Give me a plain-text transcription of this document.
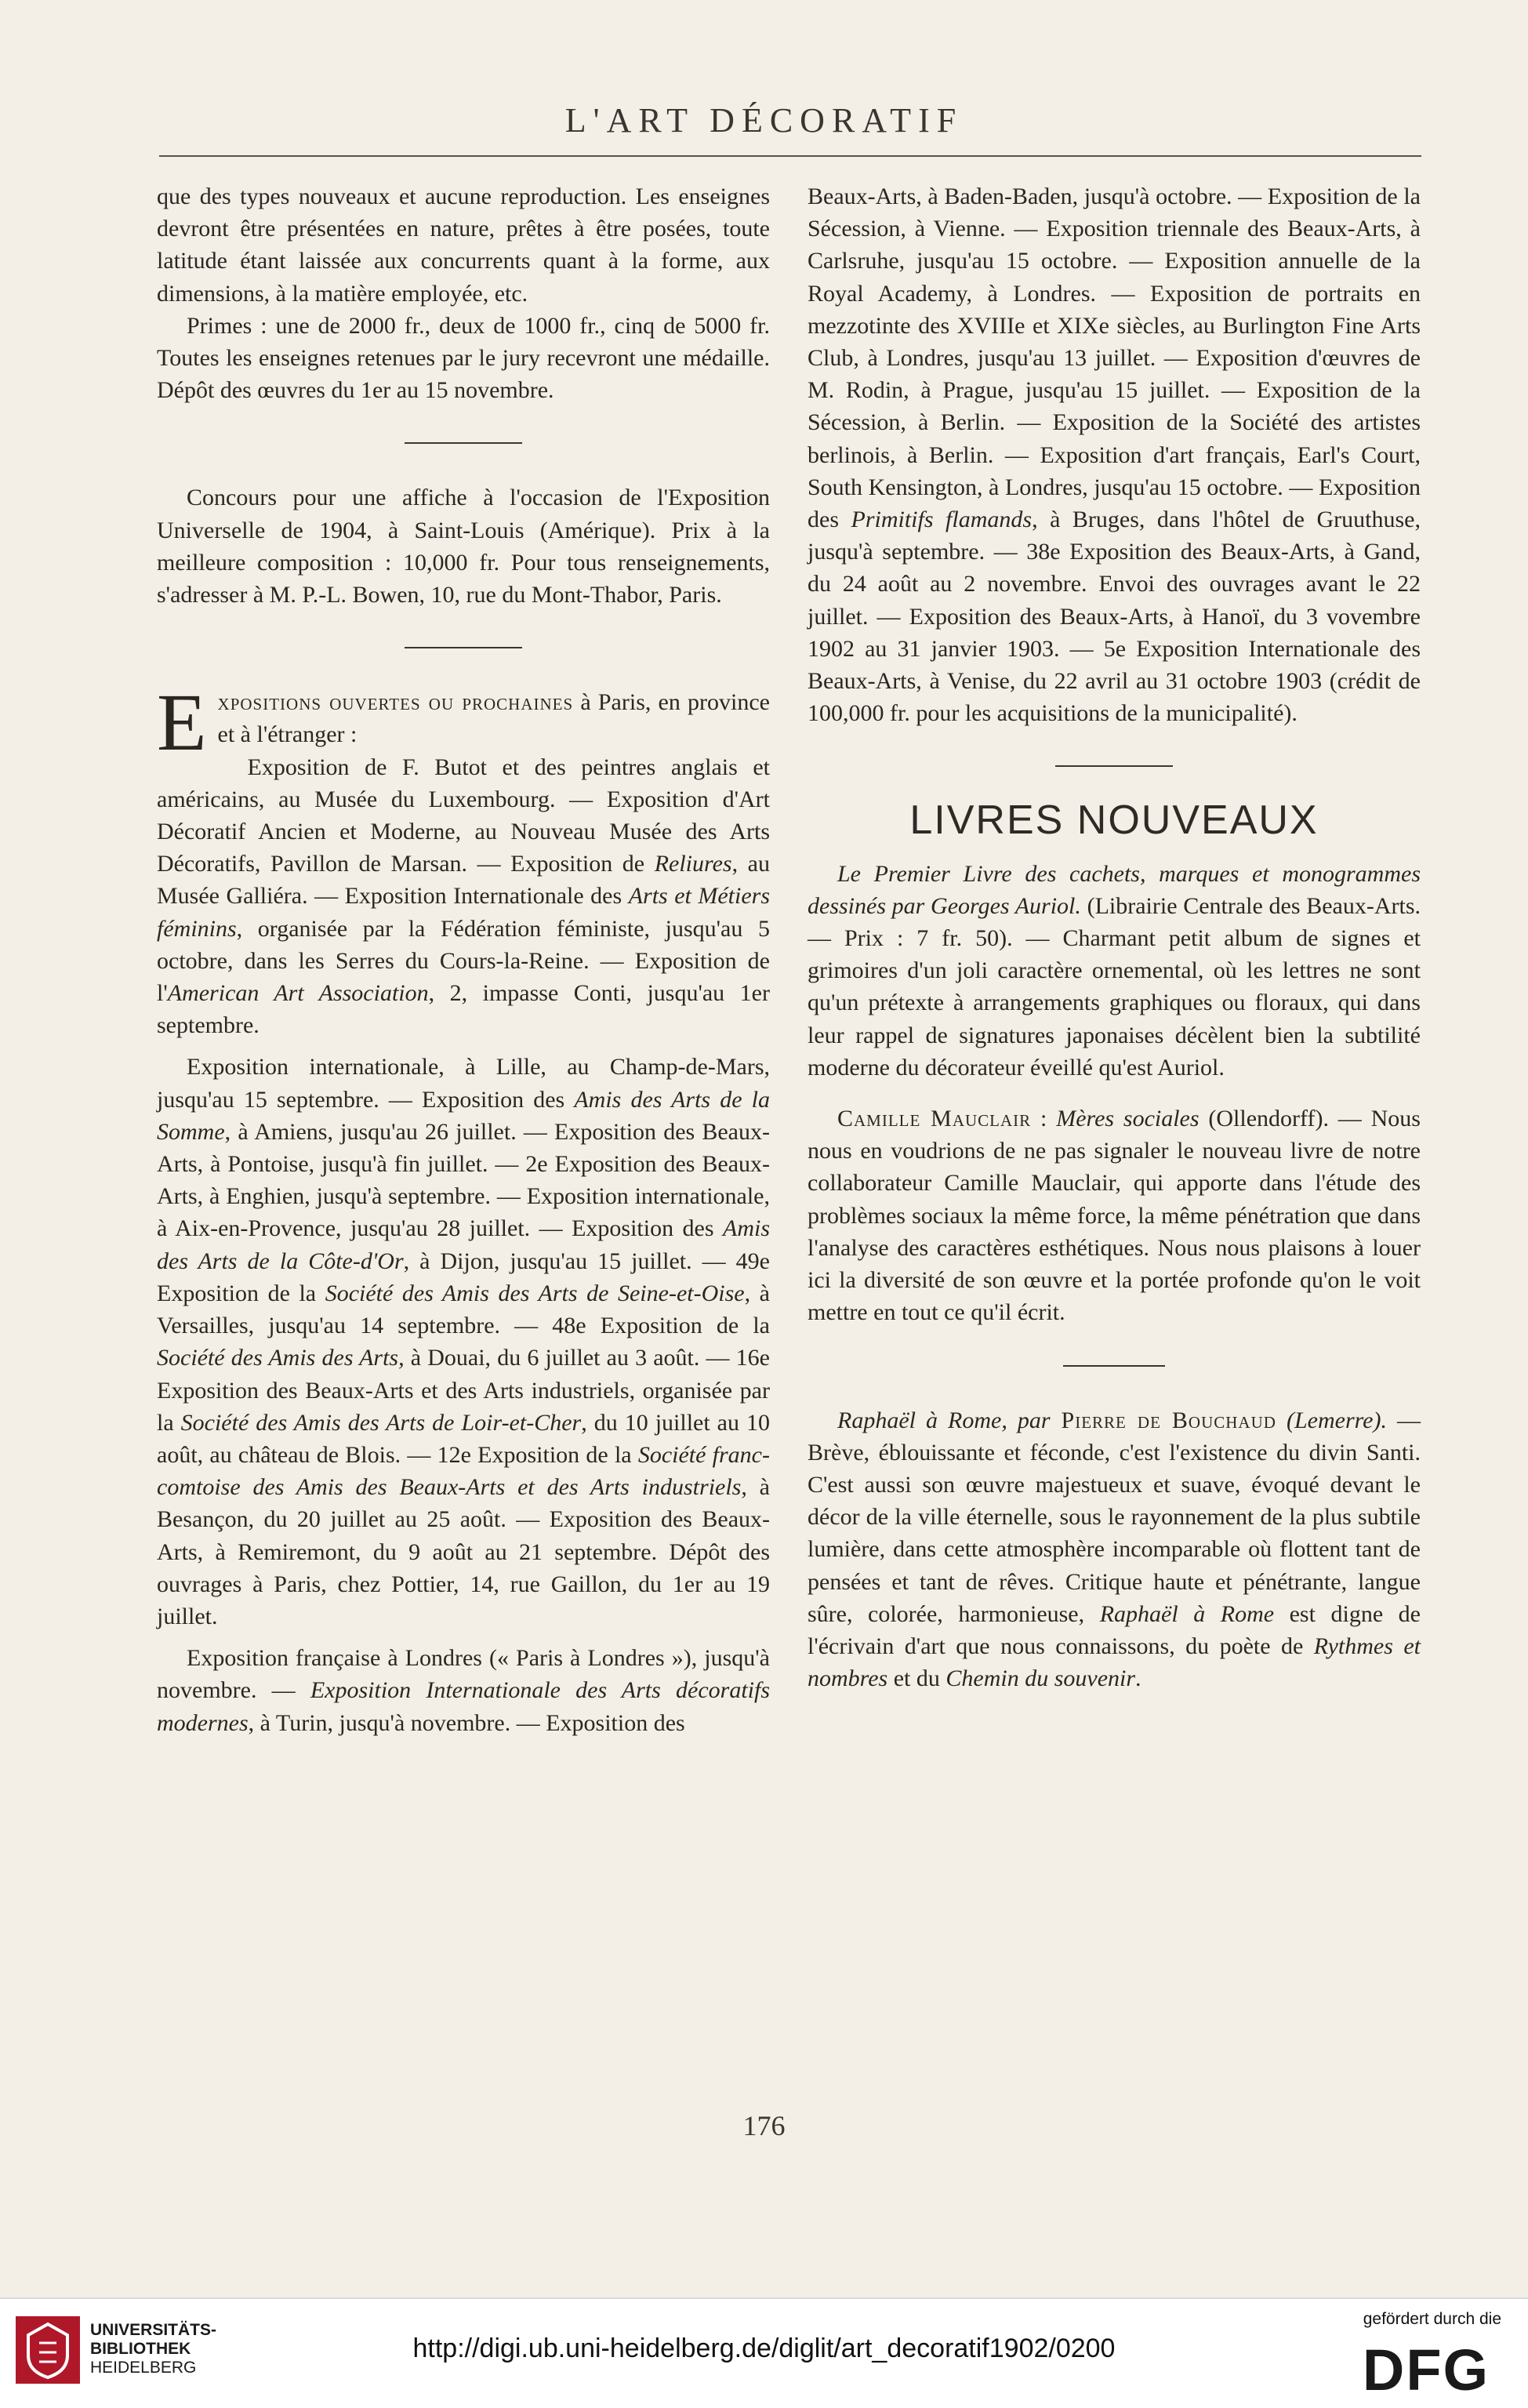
L'ART DÉCORATIF

que des types nouveaux et aucune reproduction. Les enseignes devront être présentées en nature, prêtes à être posées, toute latitude étant laissée aux concurrents quant à la forme, aux dimensions, à la matière employée, etc.

Primes : une de 2000 fr., deux de 1000 fr., cinq de 5000 fr. Toutes les enseignes retenues par le jury recevront une médaille. Dépôt des œuvres du 1er au 15 novembre.

Concours pour une affiche à l'occasion de l'Exposition Universelle de 1904, à Saint-Louis (Amérique). Prix à la meilleure composition : 10,000 fr. Pour tous renseignements, s'adresser à M. P.-L. Bowen, 10, rue du Mont-Thabor, Paris.

Expositions ouvertes ou prochaines à Paris, en province et à l'étranger :

Exposition de F. Butot et des peintres anglais et américains, au Musée du Luxembourg. — Exposition d'Art Décoratif Ancien et Moderne, au Nouveau Musée des Arts Décoratifs, Pavillon de Marsan. — Exposition de Reliures, au Musée Galliéra. — Exposition Internationale des Arts et Métiers féminins, organisée par la Fédération féministe, jusqu'au 5 octobre, dans les Serres du Cours-la-Reine. — Exposition de l'American Art Association, 2, impasse Conti, jusqu'au 1er septembre.

Exposition internationale, à Lille, au Champ-de-Mars, jusqu'au 15 septembre. — Exposition des Amis des Arts de la Somme, à Amiens, jusqu'au 26 juillet. — Exposition des Beaux-Arts, à Pontoise, jusqu'à fin juillet. — 2e Exposition des Beaux-Arts, à Enghien, jusqu'à septembre. — Exposition internationale, à Aix-en-Provence, jusqu'au 28 juillet. — Exposition des Amis des Arts de la Côte-d'Or, à Dijon, jusqu'au 15 juillet. — 49e Exposition de la Société des Amis des Arts de Seine-et-Oise, à Versailles, jusqu'au 14 septembre. — 48e Exposition de la Société des Amis des Arts, à Douai, du 6 juillet au 3 août. — 16e Exposition des Beaux-Arts et des Arts industriels, organisée par la Société des Amis des Arts de Loir-et-Cher, du 10 juillet au 10 août, au château de Blois. — 12e Exposition de la Société franc-comtoise des Amis des Beaux-Arts et des Arts industriels, à Besançon, du 20 juillet au 25 août. — Exposition des Beaux-Arts, à Remiremont, du 9 août au 21 septembre. Dépôt des ouvrages à Paris, chez Pottier, 14, rue Gaillon, du 1er au 19 juillet.

Exposition française à Londres (« Paris à Londres »), jusqu'à novembre. — Exposition Internationale des Arts décoratifs modernes, à Turin, jusqu'à novembre. — Exposition des

Beaux-Arts, à Baden-Baden, jusqu'à octobre. — Exposition de la Sécession, à Vienne. — Exposition triennale des Beaux-Arts, à Carlsruhe, jusqu'au 15 octobre. — Exposition annuelle de la Royal Academy, à Londres. — Exposition de portraits en mezzotinte des XVIIIe et XIXe siècles, au Burlington Fine Arts Club, à Londres, jusqu'au 13 juillet. — Exposition d'œuvres de M. Rodin, à Prague, jusqu'au 15 juillet. — Exposition de la Sécession, à Berlin. — Exposition de la Société des artistes berlinois, à Berlin. — Exposition d'art français, Earl's Court, South Kensington, à Londres, jusqu'au 15 octobre. — Exposition des Primitifs flamands, à Bruges, dans l'hôtel de Gruuthuse, jusqu'à septembre. — 38e Exposition des Beaux-Arts, à Gand, du 24 août au 2 novembre. Envoi des ouvrages avant le 22 juillet. — Exposition des Beaux-Arts, à Hanoï, du 3 vovembre 1902 au 31 janvier 1903. — 5e Exposition Internationale des Beaux-Arts, à Venise, du 22 avril au 31 octobre 1903 (crédit de 100,000 fr. pour les acquisitions de la municipalité).

LIVRES NOUVEAUX

Le Premier Livre des cachets, marques et monogrammes dessinés par Georges Auriol. (Librairie Centrale des Beaux-Arts. — Prix : 7 fr. 50). — Charmant petit album de signes et grimoires d'un joli caractère ornemental, où les lettres ne sont qu'un prétexte à arrangements graphiques ou floraux, qui dans leur rappel de signatures japonaises décèlent bien la subtilité moderne du décorateur éveillé qu'est Auriol.

Camille Mauclair : Mères sociales (Ollendorff). — Nous nous en voudrions de ne pas signaler le nouveau livre de notre collaborateur Camille Mauclair, qui apporte dans l'étude des problèmes sociaux la même force, la même pénétration que dans l'analyse des caractères esthétiques. Nous nous plaisons à louer ici la diversité de son œuvre et la portée profonde qu'on le voit mettre en tout ce qu'il écrit.

Raphaël à Rome, par Pierre de Bouchaud (Lemerre). — Brève, éblouissante et féconde, c'est l'existence du divin Santi. C'est aussi son œuvre majestueux et suave, évoqué devant le décor de la ville éternelle, sous le rayonnement de la plus subtile lumière, dans cette atmosphère incomparable où flottent tant de pensées et tant de rêves. Critique haute et pénétrante, langue sûre, colorée, harmonieuse, Raphaël à Rome est digne de l'écrivain d'art que nous connaissons, du poète de Rythmes et nombres et du Chemin du souvenir.

176
UNIVERSITÄTS-
BIBLIOTHEK
HEIDELBERG
http://digi.ub.uni-heidelberg.de/diglit/art_decoratif1902/0200
gefördert durch die
DFG
